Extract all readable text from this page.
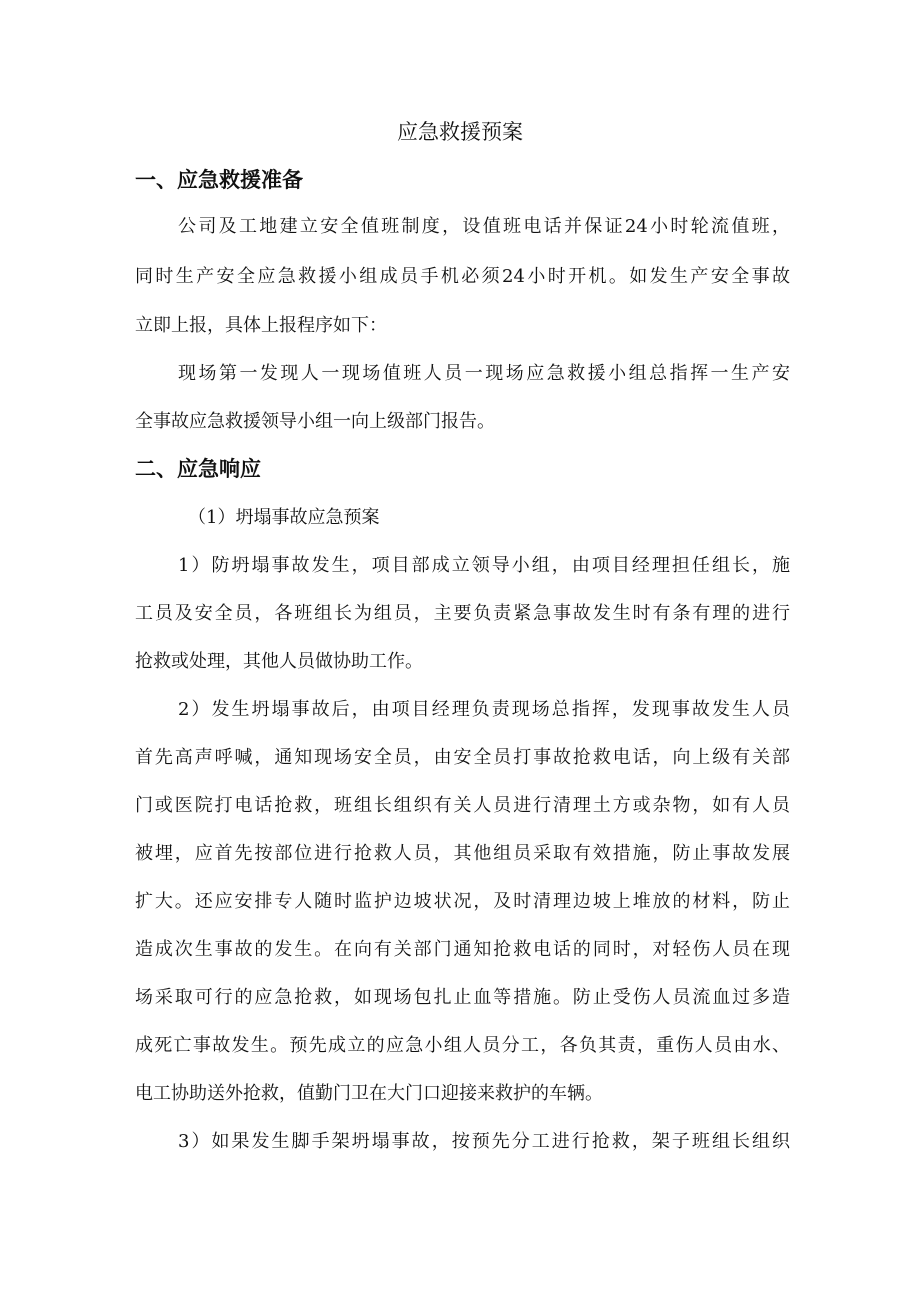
应急救援预案
一、应急救援准备
公司及工地建立安全值班制度，设值班电话并保证24小时轮流值班，
同时生产安全应急救援小组成员手机必须24小时开机。如发生产安全事故
立即上报，具体上报程序如下：
现场第一发现人一现场值班人员一现场应急救援小组总指挥一生产安
全事故应急救援领导小组一向上级部门报告。
二、应急响应
（1）坍塌事故应急预案
1）防坍塌事故发生，项目部成立领导小组，由项目经理担任组长，施
工员及安全员，各班组长为组员，主要负责紧急事故发生时有条有理的进行
抢救或处理，其他人员做协助工作。
2）发生坍塌事故后，由项目经理负责现场总指挥，发现事故发生人员
首先高声呼喊，通知现场安全员，由安全员打事故抢救电话，向上级有关部
门或医院打电话抢救，班组长组织有关人员进行清理土方或杂物，如有人员
被埋，应首先按部位进行抢救人员，其他组员采取有效措施，防止事故发展
扩大。还应安排专人随时监护边坡状况，及时清理边坡上堆放的材料，防止
造成次生事故的发生。在向有关部门通知抢救电话的同时，对轻伤人员在现
场采取可行的应急抢救，如现场包扎止血等措施。防止受伤人员流血过多造
成死亡事故发生。预先成立的应急小组人员分工，各负其责，重伤人员由水、
电工协助送外抢救，值勤门卫在大门口迎接来救护的车辆。
3）如果发生脚手架坍塌事故，按预先分工进行抢救，架子班组长组织
